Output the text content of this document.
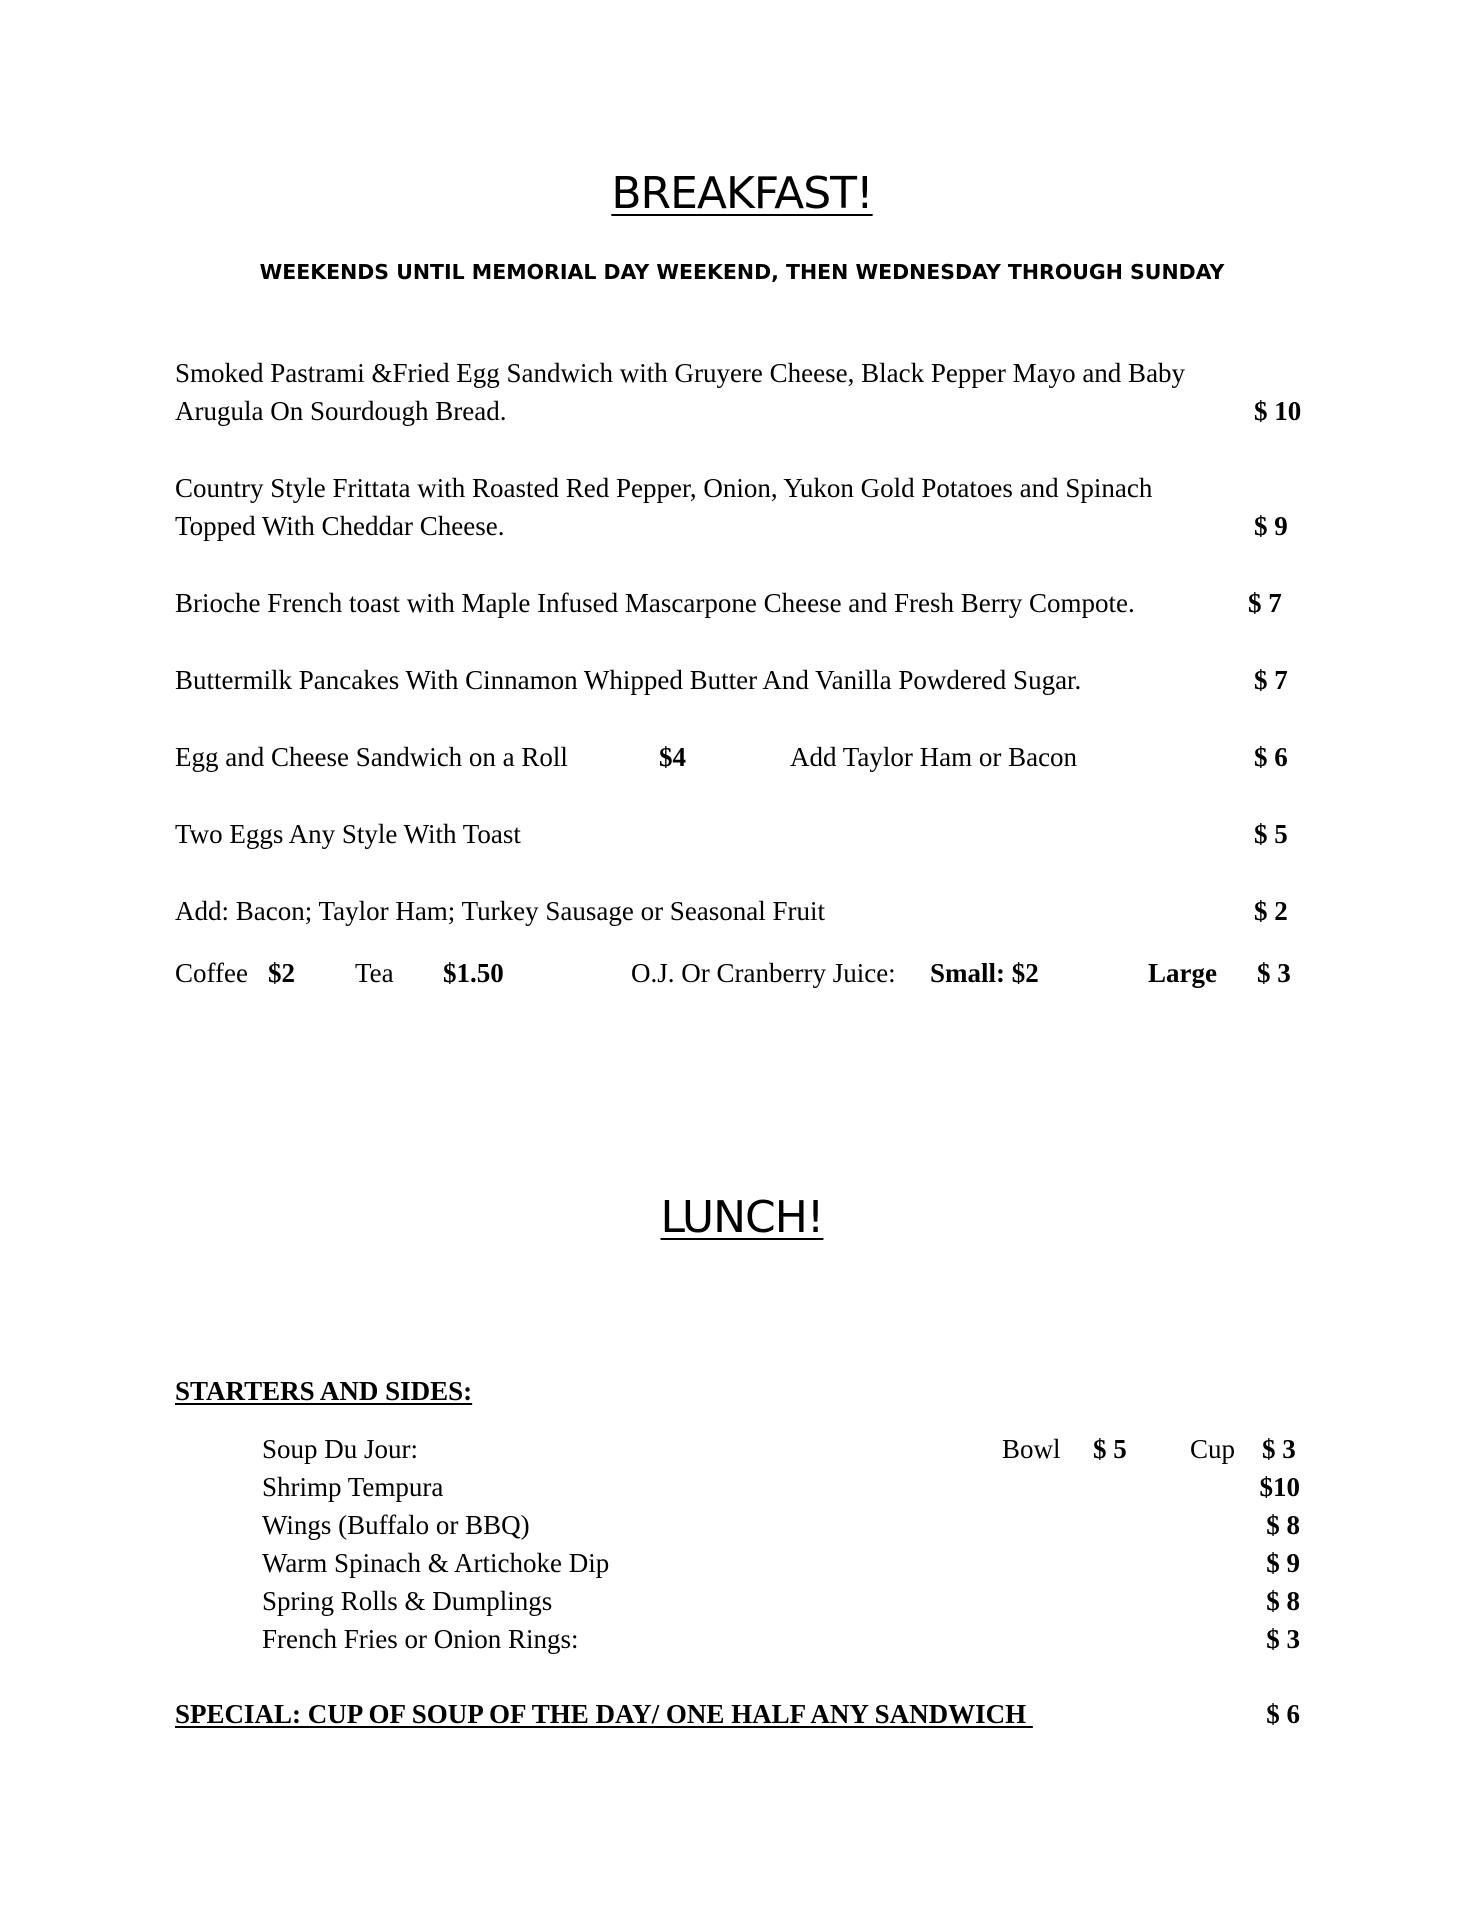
BREAKFAST!
WEEKENDS UNTIL MEMORIAL DAY WEEKEND, THEN WEDNESDAY THROUGH SUNDAY
Smoked Pastrami &Fried Egg Sandwich with Gruyere Cheese, Black Pepper Mayo and Baby
Arugula On Sourdough Bread.	$ 10
Country Style Frittata with Roasted Red Pepper, Onion, Yukon Gold Potatoes and Spinach
Topped With Cheddar Cheese.	$ 9
Brioche French toast with Maple Infused Mascarpone Cheese and Fresh Berry Compote.	$ 7
Buttermilk Pancakes With Cinnamon Whipped Butter And Vanilla Powdered Sugar.	$ 7
Egg and Cheese Sandwich on a Roll	$4	Add Taylor Ham or Bacon	$ 6
Two Eggs Any Style With Toast	$ 5
Add: Bacon; Taylor Ham; Turkey Sausage or Seasonal Fruit	$ 2
Coffee $2 Tea $1.50	O.J. Or Cranberry Juice: Small: $2	Large $ 3
LUNCH!
STARTERS AND SIDES:
Soup Du Jour:	Bowl $ 5 Cup $ 3
Shrimp Tempura	$10
Wings (Buffalo or BBQ)	$ 8
Warm Spinach & Artichoke Dip	$ 9
Spring Rolls & Dumplings	$ 8
French Fries or Onion Rings:	$ 3
SPECIAL: CUP OF SOUP OF THE DAY/ ONE HALF ANY SANDWICH	$ 6
